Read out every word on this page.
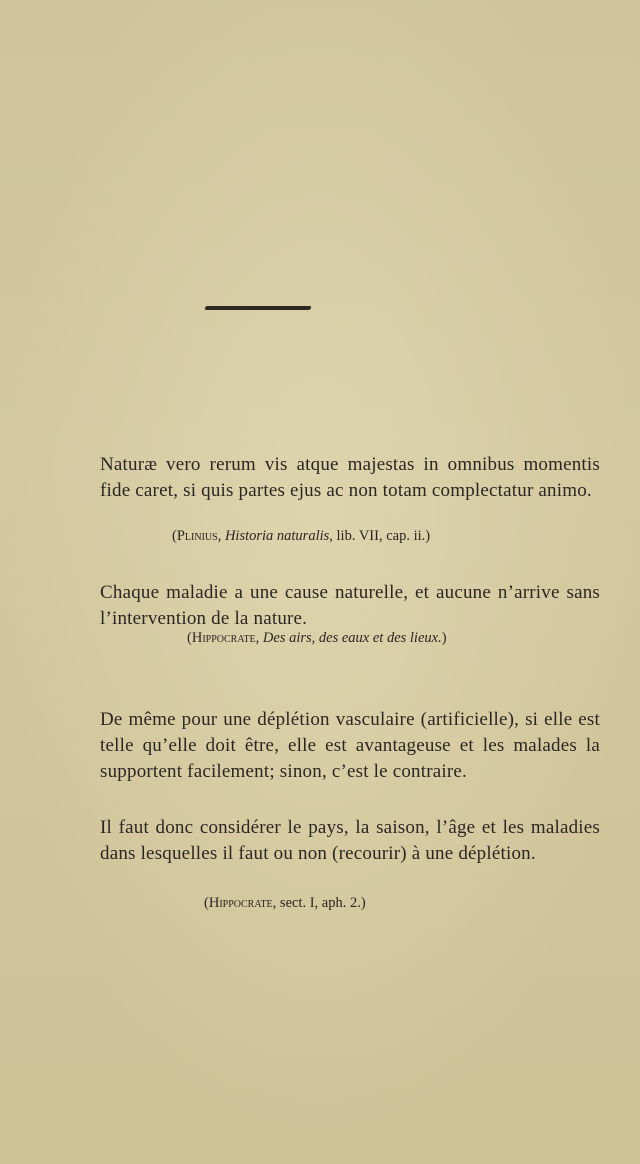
Naturæ vero rerum vis atque majestas in omnibus momentis fide caret, si quis partes ejus ac non totam complectatur animo.

(Plinius, Historia naturalis, lib. VII, cap. ii.)

Chaque maladie a une cause naturelle, et aucune n’arrive sans l’intervention de la nature.

(Hippocrate, Des airs, des eaux et des lieux.)

De même pour une déplétion vasculaire (artificielle), si elle est telle qu’elle doit être, elle est avantageuse et les malades la supportent facilement; sinon, c’est le contraire.

Il faut donc considérer le pays, la saison, l’âge et les maladies dans lesquelles il faut ou non (recourir) à une déplétion.

(Hippocrate, sect. I, aph. 2.)
